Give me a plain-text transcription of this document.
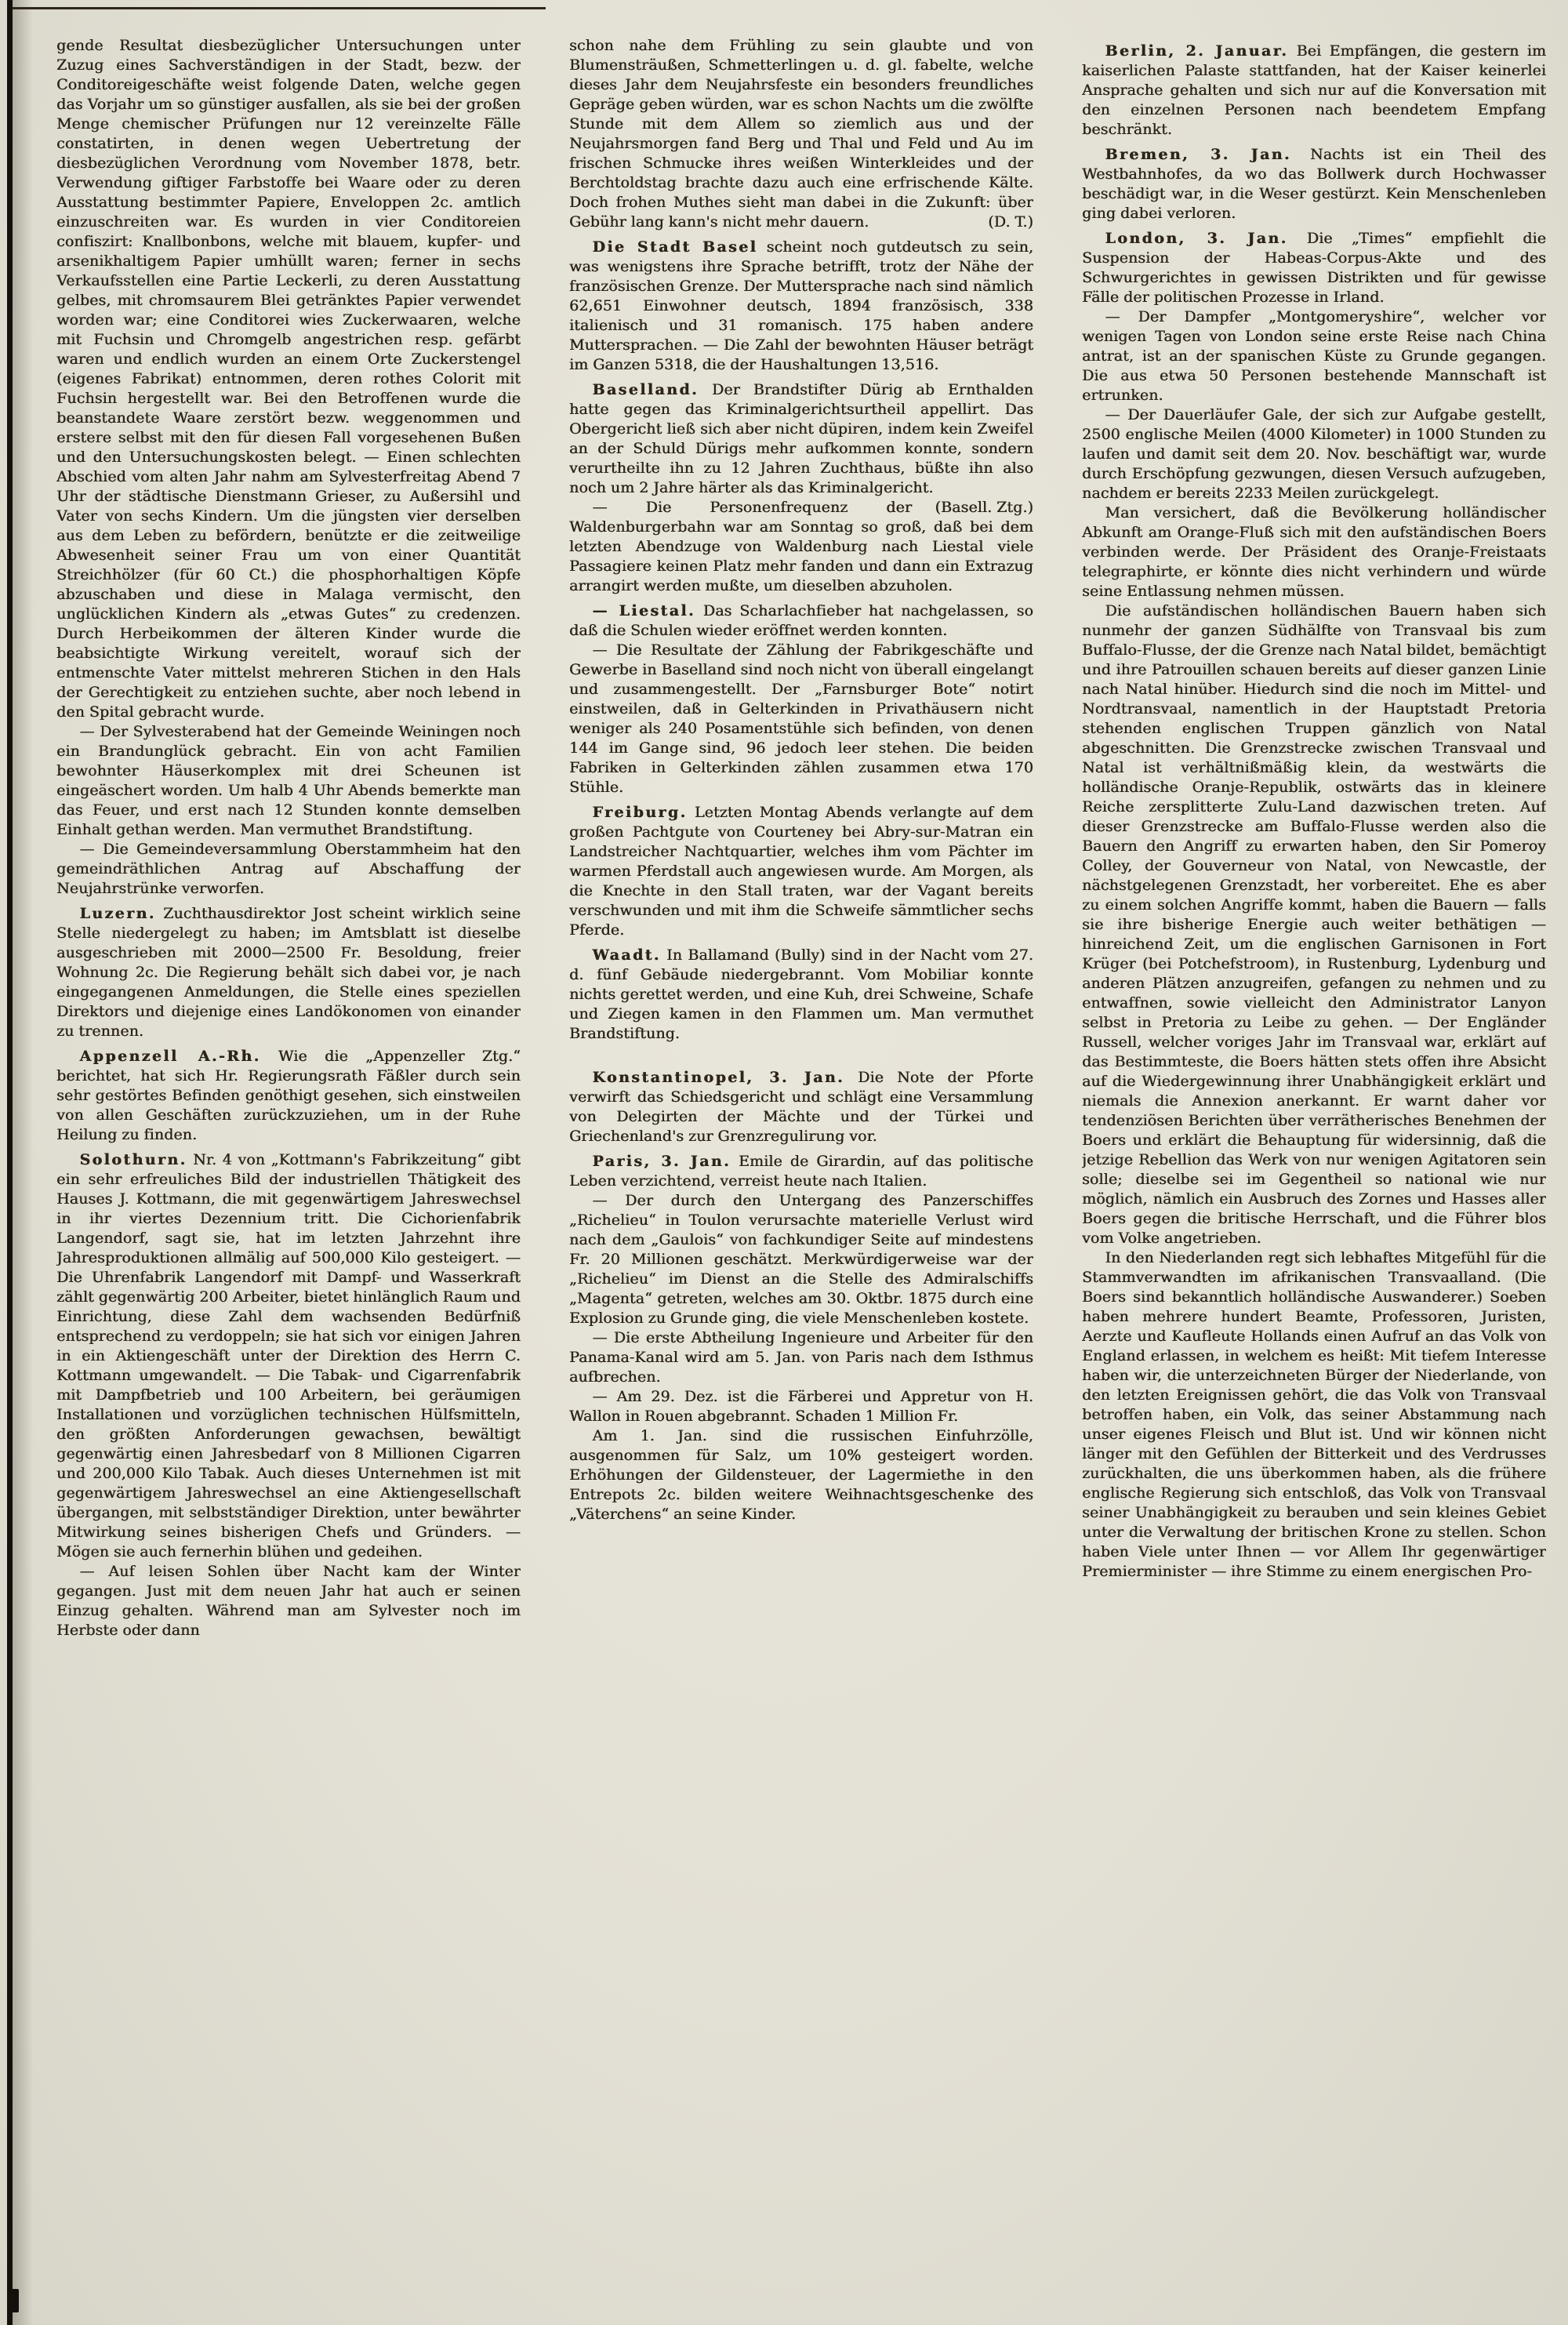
gende Resultat diesbezüglicher Untersuchungen unter Zuzug eines Sachverständigen in der Stadt, bezw. der Conditoreigeschäfte weist folgende Daten, welche gegen das Vorjahr um so günstiger ausfallen, als sie bei der großen Menge chemischer Prüfungen nur 12 vereinzelte Fälle constatirten, in denen wegen Uebertretung der diesbezüglichen Verordnung vom November 1878, betr. Verwendung giftiger Farbstoffe bei Waare oder zu deren Ausstattung bestimmter Papiere, Enveloppen 2c. amtlich einzuschreiten war. Es wurden in vier Conditoreien confiszirt: Knallbonbons, welche mit blauem, kupfer- und arsenikhaltigem Papier umhüllt waren; ferner in sechs Verkaufsstellen eine Partie Leckerli, zu deren Ausstattung gelbes, mit chromsaurem Blei getränktes Papier verwendet worden war; eine Conditorei wies Zuckerwaaren, welche mit Fuchsin und Chromgelb angestrichen resp. gefärbt waren und endlich wurden an einem Orte Zuckerstengel (eigenes Fabrikat) entnommen, deren rothes Colorit mit Fuchsin hergestellt war. Bei den Betroffenen wurde die beanstandete Waare zerstört bezw. weggenommen und erstere selbst mit den für diesen Fall vorgesehenen Bußen und den Untersuchungskosten belegt. — Einen schlechten Abschied vom alten Jahr nahm am Sylvesterfreitag Abend 7 Uhr der städtische Dienstmann Grieser, zu Außersihl und Vater von sechs Kindern. Um die jüngsten vier derselben aus dem Leben zu befördern, benützte er die zeitweilige Abwesenheit seiner Frau um von einer Quantität Streichhölzer (für 60 Ct.) die phosphorhaltigen Köpfe abzuschaben und diese in Malaga vermischt, den unglücklichen Kindern als „etwas Gutes“ zu credenzen. Durch Herbeikommen der älteren Kinder wurde die beabsichtigte Wirkung vereitelt, worauf sich der entmenschte Vater mittelst mehreren Stichen in den Hals der Gerechtigkeit zu entziehen suchte, aber noch lebend in den Spital gebracht wurde.

— Der Sylvesterabend hat der Gemeinde Weiningen noch ein Brandunglück gebracht. Ein von acht Familien bewohnter Häuserkomplex mit drei Scheunen ist eingeäschert worden. Um halb 4 Uhr Abends bemerkte man das Feuer, und erst nach 12 Stunden konnte demselben Einhalt gethan werden. Man vermuthet Brandstiftung.

— Die Gemeindeversammlung Oberstammheim hat den gemeindräthlichen Antrag auf Abschaffung der Neujahrstrünke verworfen.

Luzern. Zuchthausdirektor Jost scheint wirklich seine Stelle niedergelegt zu haben; im Amtsblatt ist dieselbe ausgeschrieben mit 2000—2500 Fr. Besoldung, freier Wohnung 2c. Die Regierung behält sich dabei vor, je nach eingegangenen Anmeldungen, die Stelle eines speziellen Direktors und diejenige eines Landökonomen von einander zu trennen.

Appenzell A.-Rh. Wie die „Appenzeller Ztg.“ berichtet, hat sich Hr. Regierungsrath Fäßler durch sein sehr gestörtes Befinden genöthigt gesehen, sich einstweilen von allen Geschäften zurückzuziehen, um in der Ruhe Heilung zu finden.

Solothurn. Nr. 4 von „Kottmann's Fabrikzeitung“ gibt ein sehr erfreuliches Bild der industriellen Thätigkeit des Hauses J. Kottmann, die mit gegenwärtigem Jahreswechsel in ihr viertes Dezennium tritt. Die Cichorienfabrik Langendorf, sagt sie, hat im letzten Jahrzehnt ihre Jahresproduktionen allmälig auf 500,000 Kilo gesteigert. — Die Uhrenfabrik Langendorf mit Dampf- und Wasserkraft zählt gegenwärtig 200 Arbeiter, bietet hinlänglich Raum und Einrichtung, diese Zahl dem wachsenden Bedürfniß entsprechend zu verdoppeln; sie hat sich vor einigen Jahren in ein Aktiengeschäft unter der Direktion des Herrn C. Kottmann umgewandelt. — Die Tabak- und Cigarrenfabrik mit Dampfbetrieb und 100 Arbeitern, bei geräumigen Installationen und vorzüglichen technischen Hülfsmitteln, den größten Anforderungen gewachsen, bewältigt gegenwärtig einen Jahresbedarf von 8 Millionen Cigarren und 200,000 Kilo Tabak. Auch dieses Unternehmen ist mit gegenwärtigem Jahreswechsel an eine Aktiengesellschaft übergangen, mit selbstständiger Direktion, unter bewährter Mitwirkung seines bisherigen Chefs und Gründers. — Mögen sie auch fernerhin blühen und gedeihen.

— Auf leisen Sohlen über Nacht kam der Winter gegangen. Just mit dem neuen Jahr hat auch er seinen Einzug gehalten. Während man am Sylvester noch im Herbste oder dann

schon nahe dem Frühling zu sein glaubte und von Blumensträußen, Schmetterlingen u. d. gl. fabelte, welche dieses Jahr dem Neujahrsfeste ein besonders freundliches Gepräge geben würden, war es schon Nachts um die zwölfte Stunde mit dem Allem so ziemlich aus und der Neujahrsmorgen fand Berg und Thal und Feld und Au im frischen Schmucke ihres weißen Winterkleides und der Berchtoldstag brachte dazu auch eine erfrischende Kälte. Doch frohen Muthes sieht man dabei in die Zukunft: über Gebühr lang kann's nicht mehr dauern.	(D. T.)

Die Stadt Basel scheint noch gutdeutsch zu sein, was wenigstens ihre Sprache betrifft, trotz der Nähe der französischen Grenze. Der Muttersprache nach sind nämlich 62,651 Einwohner deutsch, 1894 französisch, 338 italienisch und 31 romanisch. 175 haben andere Muttersprachen. — Die Zahl der bewohnten Häuser beträgt im Ganzen 5318, die der Haushaltungen 13,516.

Baselland. Der Brandstifter Dürig ab Ernthalden hatte gegen das Kriminalgerichtsurtheil appellirt. Das Obergericht ließ sich aber nicht düpiren, indem kein Zweifel an der Schuld Dürigs mehr aufkommen konnte, sondern verurtheilte ihn zu 12 Jahren Zuchthaus, büßte ihn also noch um 2 Jahre härter als das Kriminalgericht.
(Basell. Ztg.)

— Die Personenfrequenz der Waldenburgerbahn war am Sonntag so groß, daß bei dem letzten Abendzuge von Waldenburg nach Liestal viele Passagiere keinen Platz mehr fanden und dann ein Extrazug arrangirt werden mußte, um dieselben abzuholen.

— Liestal. Das Scharlachfieber hat nachgelassen, so daß die Schulen wieder eröffnet werden konnten.

— Die Resultate der Zählung der Fabrikgeschäfte und Gewerbe in Baselland sind noch nicht von überall eingelangt und zusammengestellt. Der „Farnsburger Bote“ notirt einstweilen, daß in Gelterkinden in Privathäusern nicht weniger als 240 Posamentstühle sich befinden, von denen 144 im Gange sind, 96 jedoch leer stehen. Die beiden Fabriken in Gelterkinden zählen zusammen etwa 170 Stühle.

Freiburg. Letzten Montag Abends verlangte auf dem großen Pachtgute von Courteney bei Abry-sur-Matran ein Landstreicher Nachtquartier, welches ihm vom Pächter im warmen Pferdstall auch angewiesen wurde. Am Morgen, als die Knechte in den Stall traten, war der Vagant bereits verschwunden und mit ihm die Schweife sämmtlicher sechs Pferde.

Waadt. In Ballamand (Bully) sind in der Nacht vom 27. d. fünf Gebäude niedergebrannt. Vom Mobiliar konnte nichts gerettet werden, und eine Kuh, drei Schweine, Schafe und Ziegen kamen in den Flammen um. Man vermuthet Brandstiftung.

Konstantinopel, 3. Jan. Die Note der Pforte verwirft das Schiedsgericht und schlägt eine Versammlung von Delegirten der Mächte und der Türkei und Griechenland's zur Grenzregulirung vor.

Paris, 3. Jan. Emile de Girardin, auf das politische Leben verzichtend, verreist heute nach Italien.

— Der durch den Untergang des Panzerschiffes „Richelieu“ in Toulon verursachte materielle Verlust wird nach dem „Gaulois“ von fachkundiger Seite auf mindestens Fr. 20 Millionen geschätzt. Merkwürdigerweise war der „Richelieu“ im Dienst an die Stelle des Admiralschiffs „Magenta“ getreten, welches am 30. Oktbr. 1875 durch eine Explosion zu Grunde ging, die viele Menschenleben kostete.

— Die erste Abtheilung Ingenieure und Arbeiter für den Panama-Kanal wird am 5. Jan. von Paris nach dem Isthmus aufbrechen.

— Am 29. Dez. ist die Färberei und Appretur von H. Wallon in Rouen abgebrannt. Schaden 1 Million Fr.

Am 1. Jan. sind die russischen Einfuhrzölle, ausgenommen für Salz, um 10% gesteigert worden. Erhöhungen der Gildensteuer, der Lagermiethe in den Entrepots 2c. bilden weitere Weihnachtsgeschenke des „Väterchens“ an seine Kinder.

Berlin, 2. Januar. Bei Empfängen, die gestern im kaiserlichen Palaste stattfanden, hat der Kaiser keinerlei Ansprache gehalten und sich nur auf die Konversation mit den einzelnen Personen nach beendetem Empfang beschränkt.

Bremen, 3. Jan. Nachts ist ein Theil des Westbahnhofes, da wo das Bollwerk durch Hochwasser beschädigt war, in die Weser gestürzt. Kein Menschenleben ging dabei verloren.

London, 3. Jan. Die „Times“ empfiehlt die Suspension der Habeas-Corpus-Akte und des Schwurgerichtes in gewissen Distrikten und für gewisse Fälle der politischen Prozesse in Irland.

— Der Dampfer „Montgomeryshire“, welcher vor wenigen Tagen von London seine erste Reise nach China antrat, ist an der spanischen Küste zu Grunde gegangen. Die aus etwa 50 Personen bestehende Mannschaft ist ertrunken.

— Der Dauerläufer Gale, der sich zur Aufgabe gestellt, 2500 englische Meilen (4000 Kilometer) in 1000 Stunden zu laufen und damit seit dem 20. Nov. beschäftigt war, wurde durch Erschöpfung gezwungen, diesen Versuch aufzugeben, nachdem er bereits 2233 Meilen zurückgelegt.

Man versichert, daß die Bevölkerung holländischer Abkunft am Orange-Fluß sich mit den aufständischen Boers verbinden werde. Der Präsident des Oranje-Freistaats telegraphirte, er könnte dies nicht verhindern und würde seine Entlassung nehmen müssen.

Die aufständischen holländischen Bauern haben sich nunmehr der ganzen Südhälfte von Transvaal bis zum Buffalo-Flusse, der die Grenze nach Natal bildet, bemächtigt und ihre Patrouillen schauen bereits auf dieser ganzen Linie nach Natal hinüber. Hiedurch sind die noch im Mittel- und Nordtransvaal, namentlich in der Hauptstadt Pretoria stehenden englischen Truppen gänzlich von Natal abgeschnitten. Die Grenzstrecke zwischen Transvaal und Natal ist verhältnißmäßig klein, da westwärts die holländische Oranje-Republik, ostwärts das in kleinere Reiche zersplitterte Zulu-Land dazwischen treten. Auf dieser Grenzstrecke am Buffalo-Flusse werden also die Bauern den Angriff zu erwarten haben, den Sir Pomeroy Colley, der Gouverneur von Natal, von Newcastle, der nächstgelegenen Grenzstadt, her vorbereitet. Ehe es aber zu einem solchen Angriffe kommt, haben die Bauern — falls sie ihre bisherige Energie auch weiter bethätigen — hinreichend Zeit, um die englischen Garnisonen in Fort Krüger (bei Potchefstroom), in Rustenburg, Lydenburg und anderen Plätzen anzugreifen, gefangen zu nehmen und zu entwaffnen, sowie vielleicht den Administrator Lanyon selbst in Pretoria zu Leibe zu gehen. — Der Engländer Russell, welcher voriges Jahr im Transvaal war, erklärt auf das Bestimmteste, die Boers hätten stets offen ihre Absicht auf die Wiedergewinnung ihrer Unabhängigkeit erklärt und niemals die Annexion anerkannt. Er warnt daher vor tendenziösen Berichten über verrätherisches Benehmen der Boers und erklärt die Behauptung für widersinnig, daß die jetzige Rebellion das Werk von nur wenigen Agitatoren sein solle; dieselbe sei im Gegentheil so national wie nur möglich, nämlich ein Ausbruch des Zornes und Hasses aller Boers gegen die britische Herrschaft, und die Führer blos vom Volke angetrieben.

In den Niederlanden regt sich lebhaftes Mitgefühl für die Stammverwandten im afrikanischen Transvaalland. (Die Boers sind bekanntlich holländische Auswanderer.) Soeben haben mehrere hundert Beamte, Professoren, Juristen, Aerzte und Kaufleute Hollands einen Aufruf an das Volk von England erlassen, in welchem es heißt: Mit tiefem Interesse haben wir, die unterzeichneten Bürger der Niederlande, von den letzten Ereignissen gehört, die das Volk von Transvaal betroffen haben, ein Volk, das seiner Abstammung nach unser eigenes Fleisch und Blut ist. Und wir können nicht länger mit den Gefühlen der Bitterkeit und des Verdrusses zurückhalten, die uns überkommen haben, als die frühere englische Regierung sich entschloß, das Volk von Transvaal seiner Unabhängigkeit zu berauben und sein kleines Gebiet unter die Verwaltung der britischen Krone zu stellen. Schon haben Viele unter Ihnen — vor Allem Ihr gegenwärtiger Premierminister — ihre Stimme zu einem energischen Pro-
